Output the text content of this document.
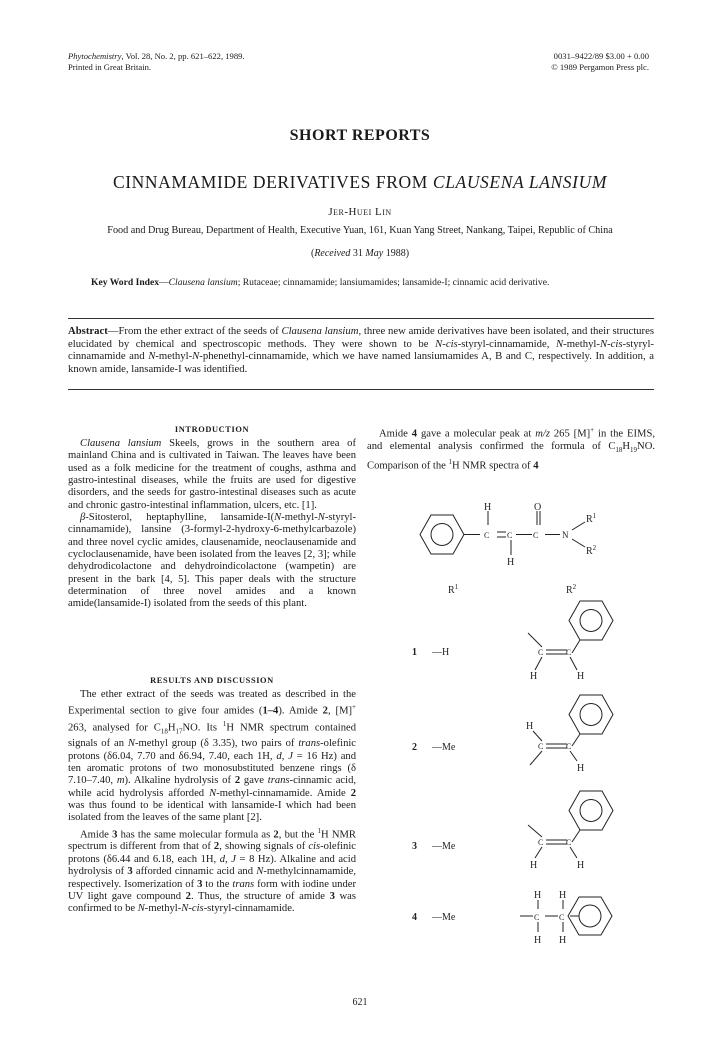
Phytochemistry, Vol. 28, No. 2, pp. 621–622, 1989.
Printed in Great Britain.
0031–9422/89 $3.00 + 0.00
© 1989 Pergamon Press plc.
SHORT REPORTS
CINNAMAMIDE DERIVATIVES FROM CLAUSENA LANSIUM
Jer-Huei Lin
Food and Drug Bureau, Department of Health, Executive Yuan, 161, Kuan Yang Street, Nankang, Taipei, Republic of China
(Received 31 May 1988)
Key Word Index—Clausena lansium; Rutaceae; cinnamamide; lansiumamides; lansamide-I; cinnamic acid derivative.
Abstract—From the ether extract of the seeds of Clausena lansium, three new amide derivatives have been isolated, and their structures elucidated by chemical and spectroscopic methods. They were shown to be N-cis-styryl-cinnamamide, N-methyl-N-cis-styryl-cinnamamide and N-methyl-N-phenethyl-cinnamamide, which we have named lansiumamides A, B and C, respectively. In addition, a known amide, lansamide-I was identified.
INTRODUCTION

Clausena lansium Skeels, grows in the southern area of mainland China and is cultivated in Taiwan. The leaves have been used as a folk medicine for the treatment of coughs, asthma and gastro-intestinal diseases, while the fruits are used for digestive disorders, and the seeds for gastro-intestinal diseases such as acute and chronic gastro-intestinal inflammation, ulcers, etc. [1].

β-Sitosterol, heptaphylline, lansamide-I(N-methyl-N-styryl-cinnamamide), lansine (3-formyl-2-hydroxy-6-methylcarbazole) and three novel cyclic amides, clausenamide, neoclausenamide and cycloclausenamide, have been isolated from the leaves [2, 3]; while dehydrodicolactone and dehydroindicolactone (wampetin) are present in the bark [4, 5]. This paper deals with the structure determination of three novel amides and a known amide(lansamide-I) isolated from the seeds of this plant.

RESULTS AND DISCUSSION

The ether extract of the seeds was treated as described in the Experimental section to give four amides (1–4). Amide 2, [M]+ 263, analysed for $C_{18}H_{17}NO$. Its $^1$H NMR spectrum contained signals of an N-methyl group (δ 3.35), two pairs of trans-olefinic protons (δ6.04, 7.70 and δ6.94, 7.40, each 1H, d, J = 16 Hz) and ten aromatic protons of two monosubstituted benzene rings (δ 7.10–7.40, m). Alkaline hydrolysis of 2 gave trans-cinnamic acid, while acid hydrolysis afforded N-methyl-cinnamamide. Amide 2 was thus found to be identical with lansamide-I which had been isolated from the leaves of the same plant [2].

Amide 3 has the same molecular formula as 2, but the $^1$H NMR spectrum is different from that of 2, showing signals of cis-olefinic protons (δ6.44 and 6.18, each 1H, d, J = 8 Hz). Alkaline and acid hydrolysis of 3 afforded cinnamic acid and N-methylcinnamamide, respectively. Isomerization of 3 to the trans form with iodine under UV light gave compound 2. Thus, the structure of amide 3 was confirmed to be N-methyl-N-cis-styryl-cinnamamide.

Amide 4 gave a molecular peak at m/z 265 [M]+ in the EIMS, and elemental analysis confirmed the formula of $C_{18}H_{19}NO$. Comparison of the $^1$H NMR spectra of 4

H	O
C C	C	N
H
$R^1$
$R^2$
$R^1$	$R^2$
1 —H	C	C
H	H
2 —Me
H
C	C
H
3 —Me	C	C
H	H
4 —Me
H H
C C
H H
621
